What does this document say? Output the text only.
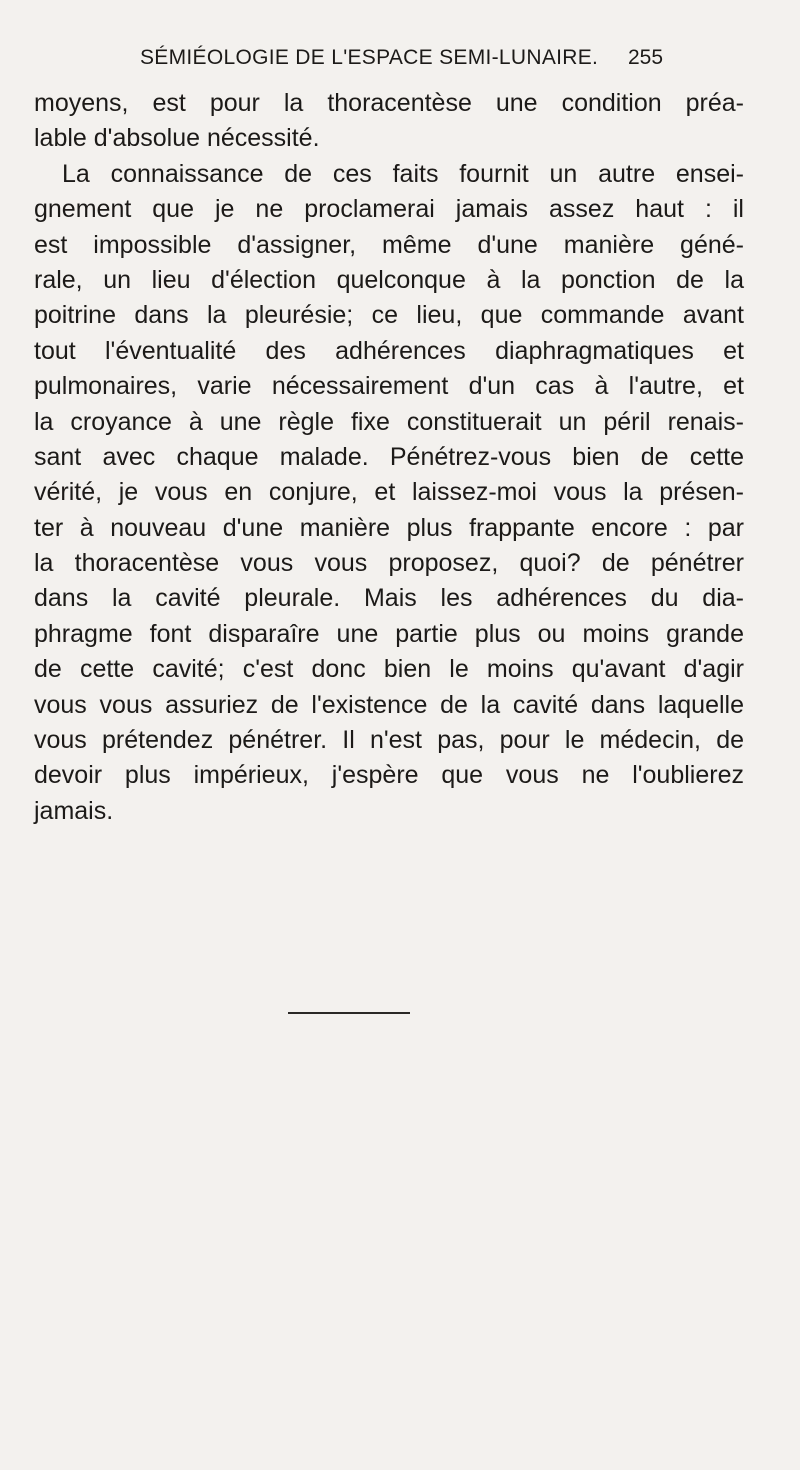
SÉMIÉOLOGIE DE L'ESPACE SEMI-LUNAIRE.	255
moyens, est pour la thoracentèse une condition préa-
lable d'absolue nécessité.
La connaissance de ces faits fournit un autre ensei-
gnement que je ne proclamerai jamais assez haut : il
est impossible d'assigner, même d'une manière géné-
rale, un lieu d'élection quelconque à la ponction de la
poitrine dans la pleurésie; ce lieu, que commande avant
tout l'éventualité des adhérences diaphragmatiques et
pulmonaires, varie nécessairement d'un cas à l'autre, et
la croyance à une règle fixe constituerait un péril renais-
sant avec chaque malade. Pénétrez-vous bien de cette
vérité, je vous en conjure, et laissez-moi vous la présen-
ter à nouveau d'une manière plus frappante encore : par
la thoracentèse vous vous proposez, quoi? de pénétrer
dans la cavité pleurale. Mais les adhérences du dia-
phragme font disparaîre une partie plus ou moins grande
de cette cavité; c'est donc bien le moins qu'avant d'agir
vous vous assuriez de l'existence de la cavité dans laquelle
vous prétendez pénétrer. Il n'est pas, pour le médecin, de
devoir plus impérieux, j'espère que vous ne l'oublierez
jamais.
